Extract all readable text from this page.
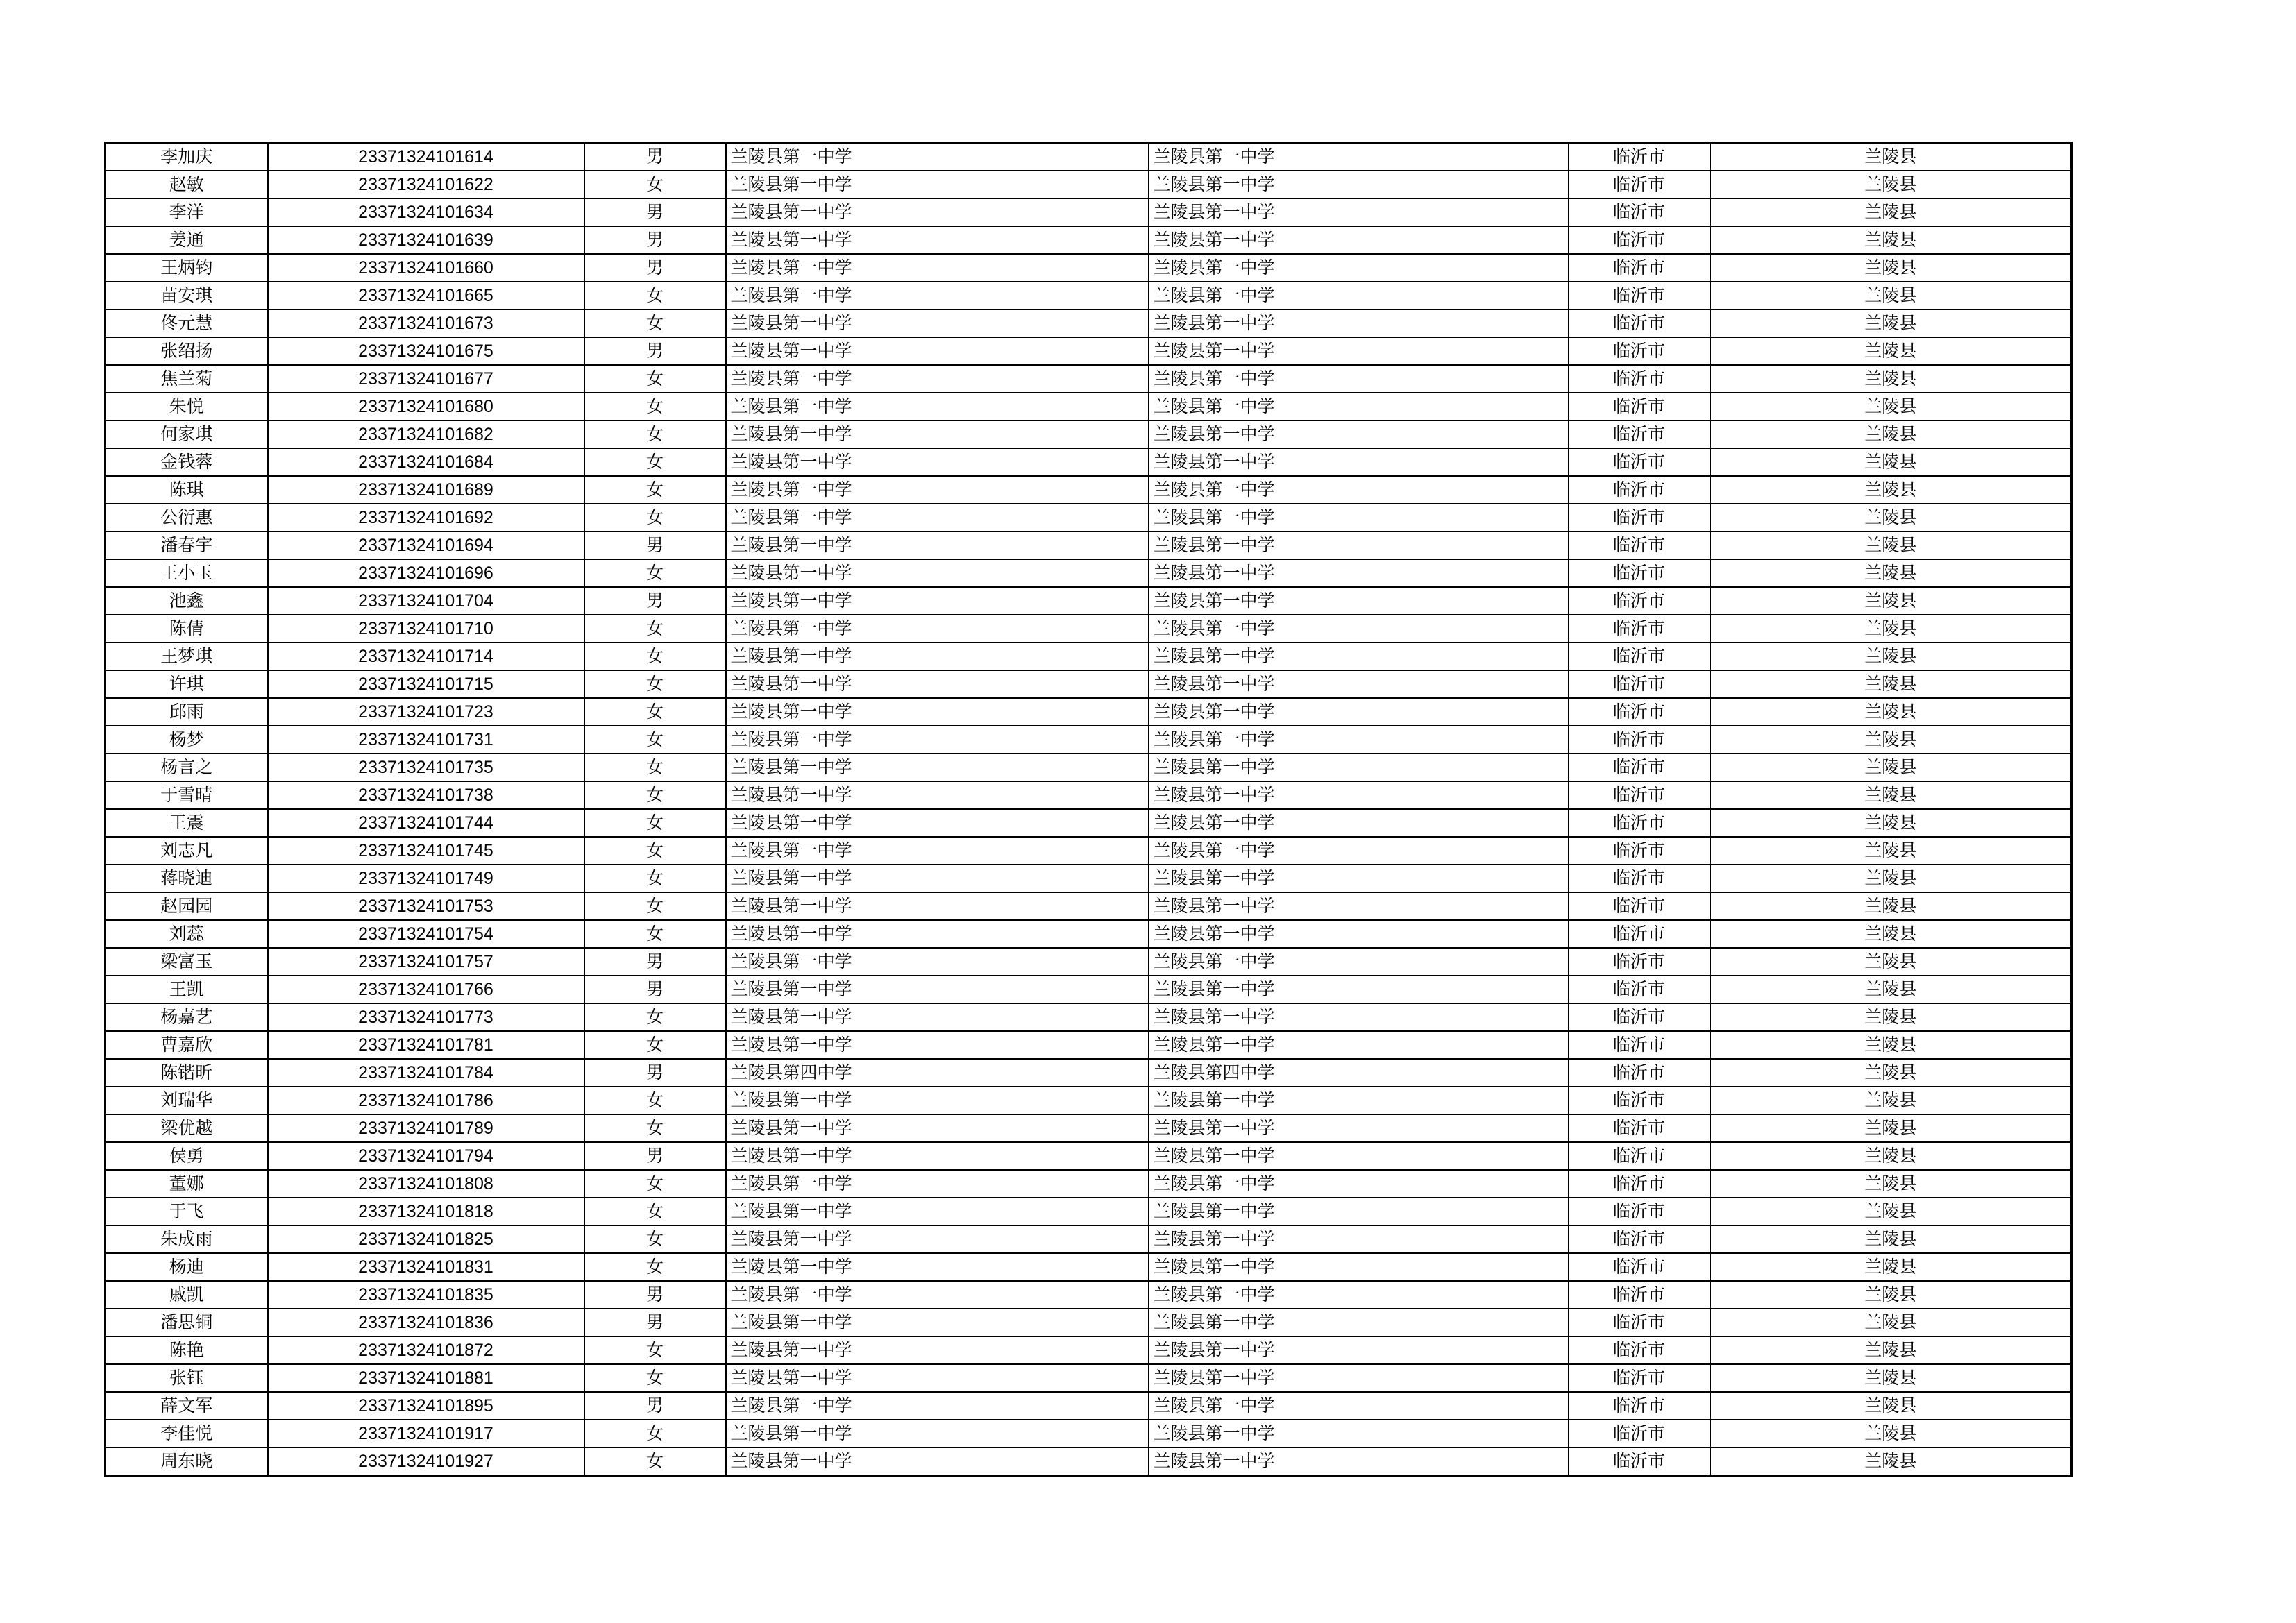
李加庆	23371324101614	男	兰陵县第一中学	兰陵县第一中学	临沂市	兰陵县
赵敏	23371324101622	女	兰陵县第一中学	兰陵县第一中学	临沂市	兰陵县
李洋	23371324101634	男	兰陵县第一中学	兰陵县第一中学	临沂市	兰陵县
姜通	23371324101639	男	兰陵县第一中学	兰陵县第一中学	临沂市	兰陵县
王炳钧	23371324101660	男	兰陵县第一中学	兰陵县第一中学	临沂市	兰陵县
苗安琪	23371324101665	女	兰陵县第一中学	兰陵县第一中学	临沂市	兰陵县
佟元慧	23371324101673	女	兰陵县第一中学	兰陵县第一中学	临沂市	兰陵县
张绍扬	23371324101675	男	兰陵县第一中学	兰陵县第一中学	临沂市	兰陵县
焦兰菊	23371324101677	女	兰陵县第一中学	兰陵县第一中学	临沂市	兰陵县
朱悦	23371324101680	女	兰陵县第一中学	兰陵县第一中学	临沂市	兰陵县
何家琪	23371324101682	女	兰陵县第一中学	兰陵县第一中学	临沂市	兰陵县
金钱蓉	23371324101684	女	兰陵县第一中学	兰陵县第一中学	临沂市	兰陵县
陈琪	23371324101689	女	兰陵县第一中学	兰陵县第一中学	临沂市	兰陵县
公衍惠	23371324101692	女	兰陵县第一中学	兰陵县第一中学	临沂市	兰陵县
潘春宇	23371324101694	男	兰陵县第一中学	兰陵县第一中学	临沂市	兰陵县
王小玉	23371324101696	女	兰陵县第一中学	兰陵县第一中学	临沂市	兰陵县
池鑫	23371324101704	男	兰陵县第一中学	兰陵县第一中学	临沂市	兰陵县
陈倩	23371324101710	女	兰陵县第一中学	兰陵县第一中学	临沂市	兰陵县
王梦琪	23371324101714	女	兰陵县第一中学	兰陵县第一中学	临沂市	兰陵县
许琪	23371324101715	女	兰陵县第一中学	兰陵县第一中学	临沂市	兰陵县
邱雨	23371324101723	女	兰陵县第一中学	兰陵县第一中学	临沂市	兰陵县
杨梦	23371324101731	女	兰陵县第一中学	兰陵县第一中学	临沂市	兰陵县
杨言之	23371324101735	女	兰陵县第一中学	兰陵县第一中学	临沂市	兰陵县
于雪晴	23371324101738	女	兰陵县第一中学	兰陵县第一中学	临沂市	兰陵县
王震	23371324101744	女	兰陵县第一中学	兰陵县第一中学	临沂市	兰陵县
刘志凡	23371324101745	女	兰陵县第一中学	兰陵县第一中学	临沂市	兰陵县
蒋晓迪	23371324101749	女	兰陵县第一中学	兰陵县第一中学	临沂市	兰陵县
赵园园	23371324101753	女	兰陵县第一中学	兰陵县第一中学	临沂市	兰陵县
刘蕊	23371324101754	女	兰陵县第一中学	兰陵县第一中学	临沂市	兰陵县
梁富玉	23371324101757	男	兰陵县第一中学	兰陵县第一中学	临沂市	兰陵县
王凯	23371324101766	男	兰陵县第一中学	兰陵县第一中学	临沂市	兰陵县
杨嘉艺	23371324101773	女	兰陵县第一中学	兰陵县第一中学	临沂市	兰陵县
曹嘉欣	23371324101781	女	兰陵县第一中学	兰陵县第一中学	临沂市	兰陵县
陈锴昕	23371324101784	男	兰陵县第四中学	兰陵县第四中学	临沂市	兰陵县
刘瑞华	23371324101786	女	兰陵县第一中学	兰陵县第一中学	临沂市	兰陵县
梁优越	23371324101789	女	兰陵县第一中学	兰陵县第一中学	临沂市	兰陵县
侯勇	23371324101794	男	兰陵县第一中学	兰陵县第一中学	临沂市	兰陵县
董娜	23371324101808	女	兰陵县第一中学	兰陵县第一中学	临沂市	兰陵县
于飞	23371324101818	女	兰陵县第一中学	兰陵县第一中学	临沂市	兰陵县
朱成雨	23371324101825	女	兰陵县第一中学	兰陵县第一中学	临沂市	兰陵县
杨迪	23371324101831	女	兰陵县第一中学	兰陵县第一中学	临沂市	兰陵县
戚凯	23371324101835	男	兰陵县第一中学	兰陵县第一中学	临沂市	兰陵县
潘思铜	23371324101836	男	兰陵县第一中学	兰陵县第一中学	临沂市	兰陵县
陈艳	23371324101872	女	兰陵县第一中学	兰陵县第一中学	临沂市	兰陵县
张钰	23371324101881	女	兰陵县第一中学	兰陵县第一中学	临沂市	兰陵县
薛文军	23371324101895	男	兰陵县第一中学	兰陵县第一中学	临沂市	兰陵县
李佳悦	23371324101917	女	兰陵县第一中学	兰陵县第一中学	临沂市	兰陵县
周东晓	23371324101927	女	兰陵县第一中学	兰陵县第一中学	临沂市	兰陵县
